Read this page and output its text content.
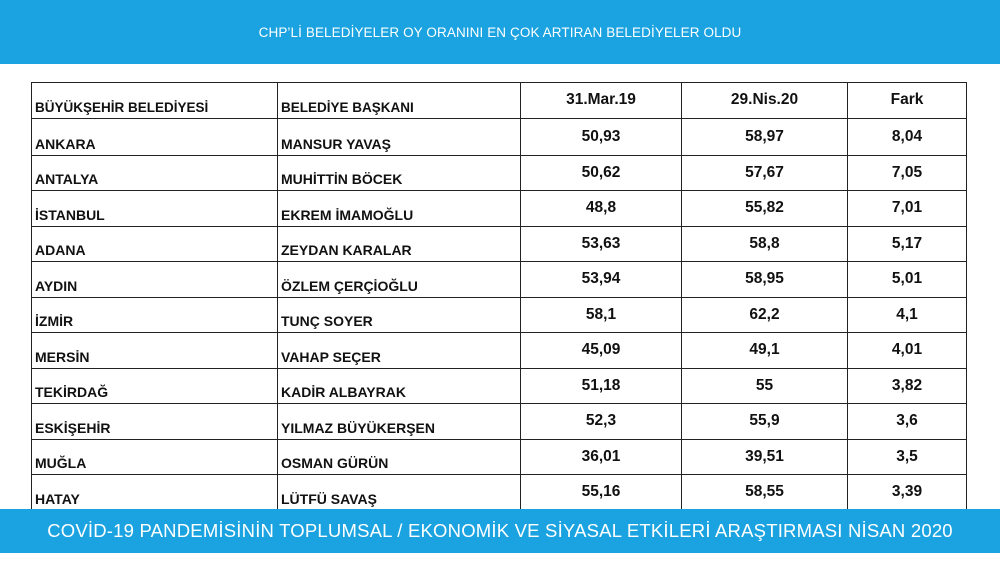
CHP’Lİ BELEDİYELER OY ORANINI EN ÇOK ARTIRAN BELEDİYELER OLDU
BÜYÜKŞEHİR BELEDİYESİ	BELEDİYE BAŞKANI	31.Mar.19	29.Nis.20	Fark
ANKARA	MANSUR YAVAŞ	50,93	58,97	8,04
ANTALYA	MUHİTTİN BÖCEK	50,62	57,67	7,05
İSTANBUL	EKREM İMAMOĞLU	48,8	55,82	7,01
ADANA	ZEYDAN KARALAR	53,63	58,8	5,17
AYDIN	ÖZLEM ÇERÇİOĞLU	53,94	58,95	5,01
İZMİR	TUNÇ SOYER	58,1	62,2	4,1
MERSİN	VAHAP SEÇER	45,09	49,1	4,01
TEKİRDAĞ	KADİR ALBAYRAK	51,18	55	3,82
ESKİŞEHİR	YILMAZ BÜYÜKERŞEN	52,3	55,9	3,6
MUĞLA	OSMAN GÜRÜN	36,01	39,51	3,5
HATAY	LÜTFÜ SAVAŞ	55,16	58,55	3,39
COVİD-19 PANDEMİSİNİN TOPLUMSAL / EKONOMİK VE SİYASAL ETKİLERİ ARAŞTIRMASI NİSAN 2020
